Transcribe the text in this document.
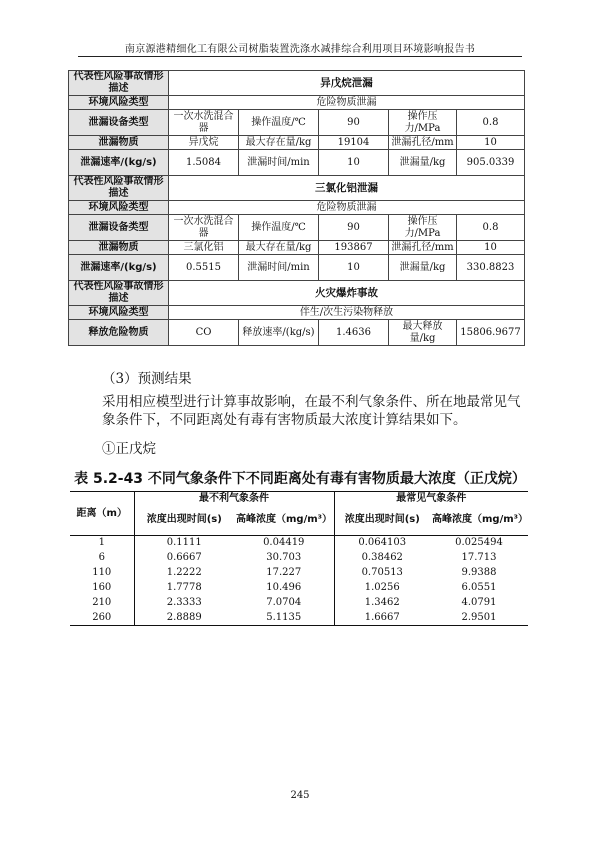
南京源港精细化工有限公司树脂装置洗涤水减排综合利用项目环境影响报告书
代表性风险事故情形描述	异戊烷泄漏				
环境风险类型	危险物质泄漏				
泄漏设备类型	一次水洗混合器	操作温度/℃	90	操作压力/MPa	0.8
泄漏物质	异戊烷	最大存在量/kg	19104	泄漏孔径/mm	10
泄漏速率/(kg/s)	1.5084	泄漏时间/min	10	泄漏量/kg	905.0339
代表性风险事故情形描述	三氯化铝泄漏				
环境风险类型	危险物质泄漏				
泄漏设备类型	一次水洗混合器	操作温度/℃	90	操作压力/MPa	0.8
泄漏物质	三氯化铝	最大存在量/kg	193867	泄漏孔径/mm	10
泄漏速率/(kg/s)	0.5515	泄漏时间/min	10	泄漏量/kg	330.8823
代表性风险事故情形描述	火灾爆炸事故				
环境风险类型	伴生/次生污染物释放				
释放危险物质	CO	释放速率/(kg/s)	1.4636	最大释放量/kg	15806.9677
（3）预测结果
采用相应模型进行计算事故影响，在最不利气象条件、所在地最常见气象条件下，不同距离处有毒有害物质最大浓度计算结果如下。
①正戊烷
表 5.2-43 不同气象条件下不同距离处有毒有害物质最大浓度（正戊烷）
距离（m）	最不利气象条件		最常见气象条件	
	浓度出现时间(s)	高峰浓度（mg/m³）	浓度出现时间(s)	高峰浓度（mg/m³）
1	0.1111	0.04419	0.064103	0.025494
6	0.6667	30.703	0.38462	17.713
110	1.2222	17.227	0.70513	9.9388
160	1.7778	10.496	1.0256	6.0551
210	2.3333	7.0704	1.3462	4.0791
260	2.8889	5.1135	1.6667	2.9501
245
